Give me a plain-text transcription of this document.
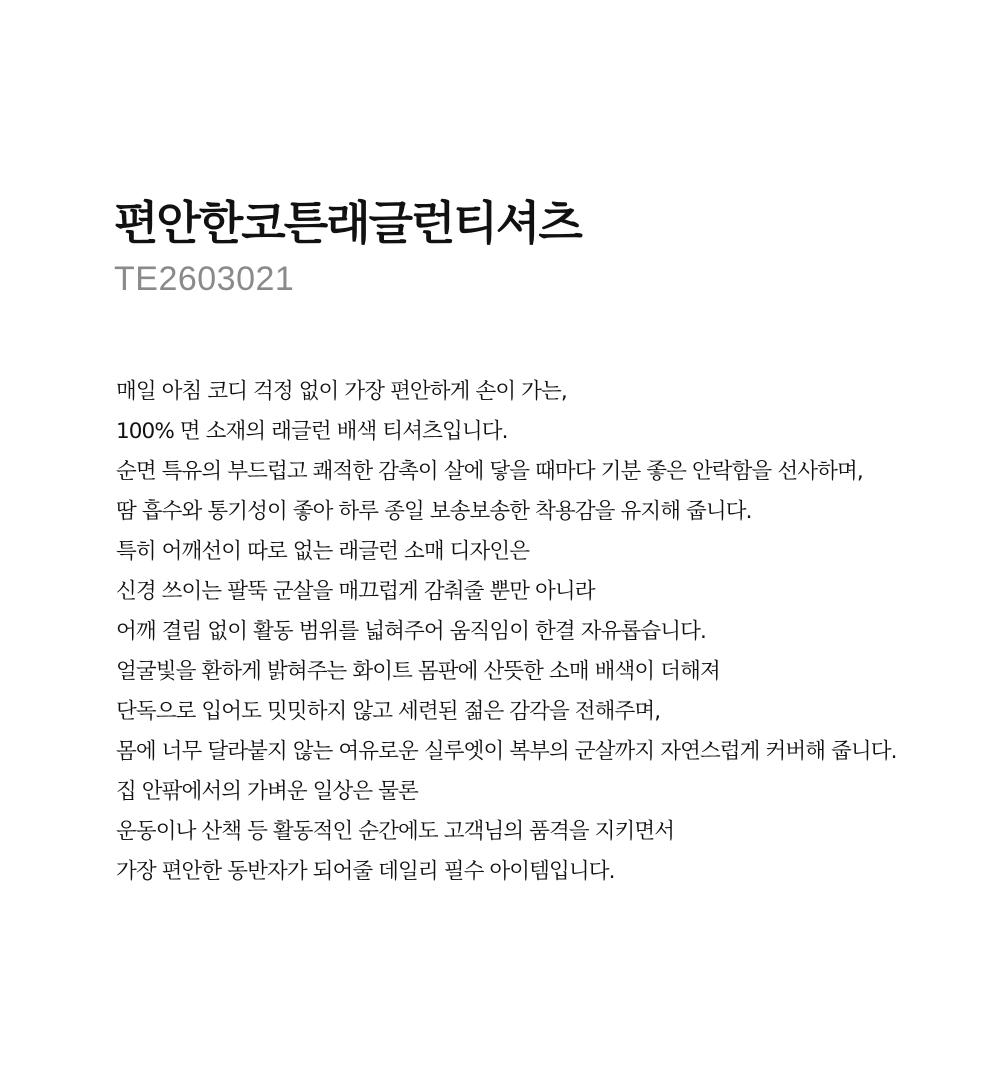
편안한코튼래글런티셔츠
TE2603021
매일 아침 코디 걱정 없이 가장 편안하게 손이 가는,
100% 면 소재의 래글런 배색 티셔츠입니다.
순면 특유의 부드럽고 쾌적한 감촉이 살에 닿을 때마다 기분 좋은 안락함을 선사하며,
땀 흡수와 통기성이 좋아 하루 종일 보송보송한 착용감을 유지해 줍니다.
특히 어깨선이 따로 없는 래글런 소매 디자인은
신경 쓰이는 팔뚝 군살을 매끄럽게 감춰줄 뿐만 아니라
어깨 결림 없이 활동 범위를 넓혀주어 움직임이 한결 자유롭습니다.
얼굴빛을 환하게 밝혀주는 화이트 몸판에 산뜻한 소매 배색이 더해져
단독으로 입어도 밋밋하지 않고 세련된 젊은 감각을 전해주며,
몸에 너무 달라붙지 않는 여유로운 실루엣이 복부의 군살까지 자연스럽게 커버해 줍니다.
집 안팎에서의 가벼운 일상은 물론
운동이나 산책 등 활동적인 순간에도 고객님의 품격을 지키면서
가장 편안한 동반자가 되어줄 데일리 필수 아이템입니다.
